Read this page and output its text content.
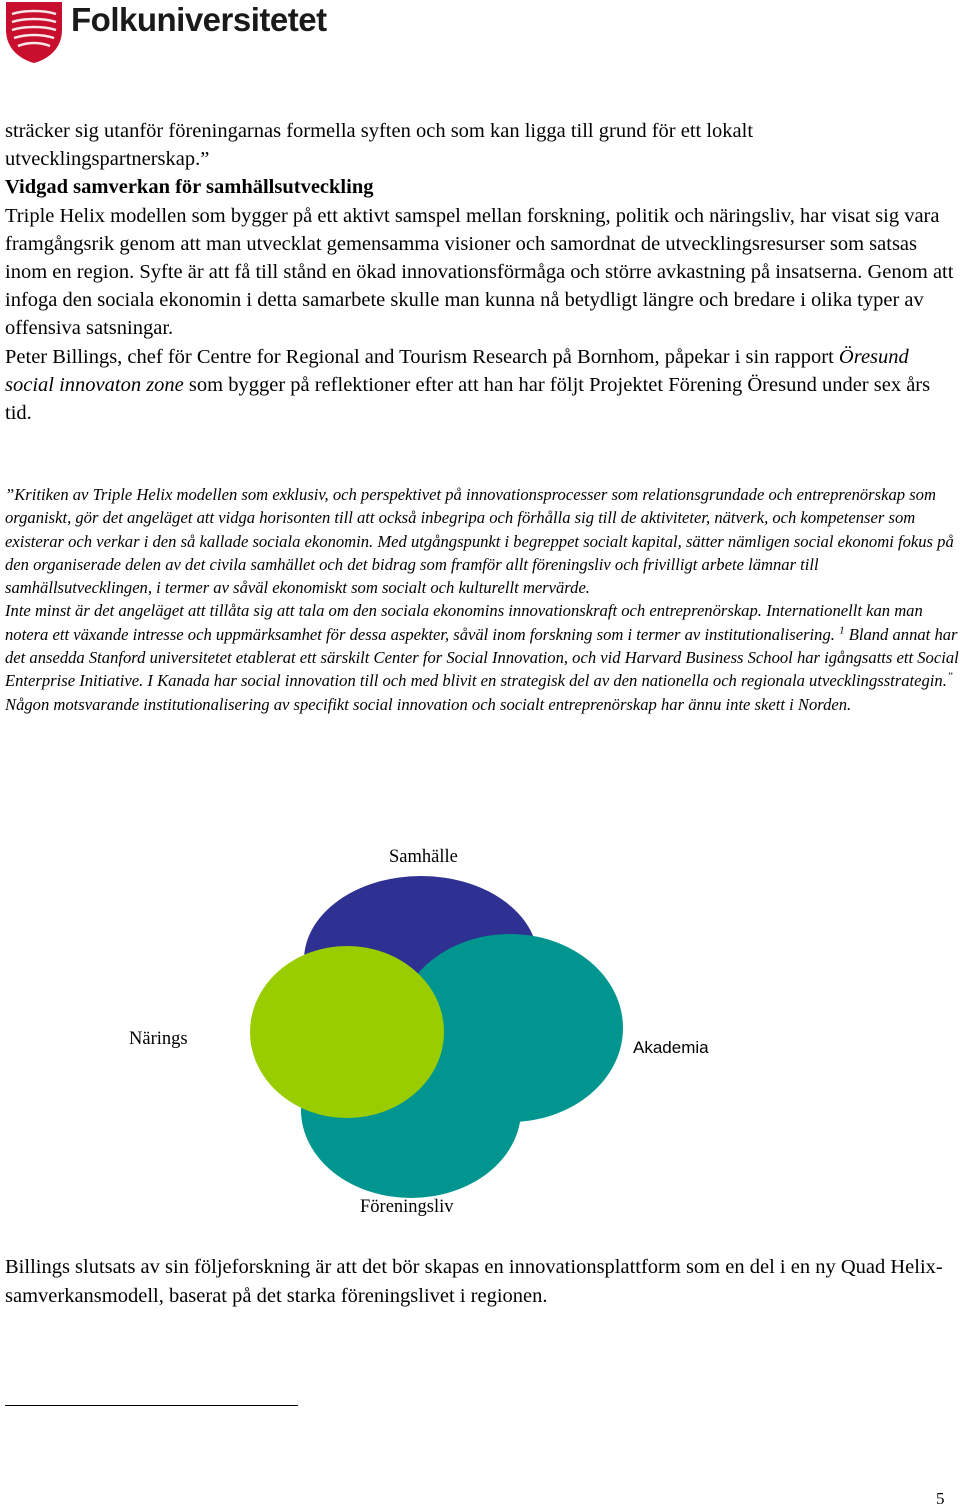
Folkuniversitetet

sträcker sig utanför föreningarnas formella syften och som kan ligga till grund för ett lokalt utvecklingspartnerskap.”

Vidgad samverkan för samhällsutveckling

Triple Helix modellen som bygger på ett aktivt samspel mellan forskning, politik och näringsliv, har visat sig vara framgångsrik genom att man utvecklat gemensamma visioner och samordnat de utvecklingsresurser som satsas inom en region. Syfte är att få till stånd en ökad innovationsförmåga och större avkastning på insatserna. Genom att infoga den sociala ekonomin i detta samarbete skulle man kunna nå betydligt längre och bredare i olika typer av offensiva satsningar.

Peter Billings, chef för Centre for Regional and Tourism Research på Bornhom, påpekar i sin rapport Öresund social innovaton zone som bygger på reflektioner efter att han har följt Projektet Förening Öresund under sex års tid.

”Kritiken av Triple Helix modellen som exklusiv, och perspektivet på innovationsprocesser som relationsgrundade och entreprenörskap som organiskt, gör det angeläget att vidga horisonten till att också inbegripa och förhålla sig till de aktiviteter, nätverk, och kompetenser som existerar och verkar i den så kallade sociala ekonomin. Med utgångspunkt i begreppet socialt kapital, sätter nämligen social ekonomi fokus på den organiserade delen av det civila samhället och det bidrag som framför allt föreningsliv och frivilligt arbete lämnar till samhällsutvecklingen, i termer av såväl ekonomiskt som socialt och kulturellt mervärde.

Inte minst är det angeläget att tillåta sig att tala om den sociala ekonomins innovationskraft och entreprenörskap. Internationellt kan man notera ett växande intresse och uppmärksamhet för dessa aspekter, såväl inom forskning som i termer av institutionalisering. $^1$ Bland annat har det ansedda Stanford universitetet etablerat ett särskilt Center for Social Innovation, och vid Harvard Business School har igångsatts ett Social Enterprise Initiative. I Kanada har social innovation till och med blivit en strategisk del av den nationella och regionala utvecklingsstrategin.”

Någon motsvarande institutionalisering av specifikt social innovation och socialt entreprenörskap har ännu inte skett i Norden.

Samhälle
Närings	Akademia
Föreningsliv

Billings slutsats av sin följeforskning är att det bör skapas en innovationsplattform som en del i en ny Quad Helix- samverkansmodell, baserat på det starka föreningslivet i regionen.

5
